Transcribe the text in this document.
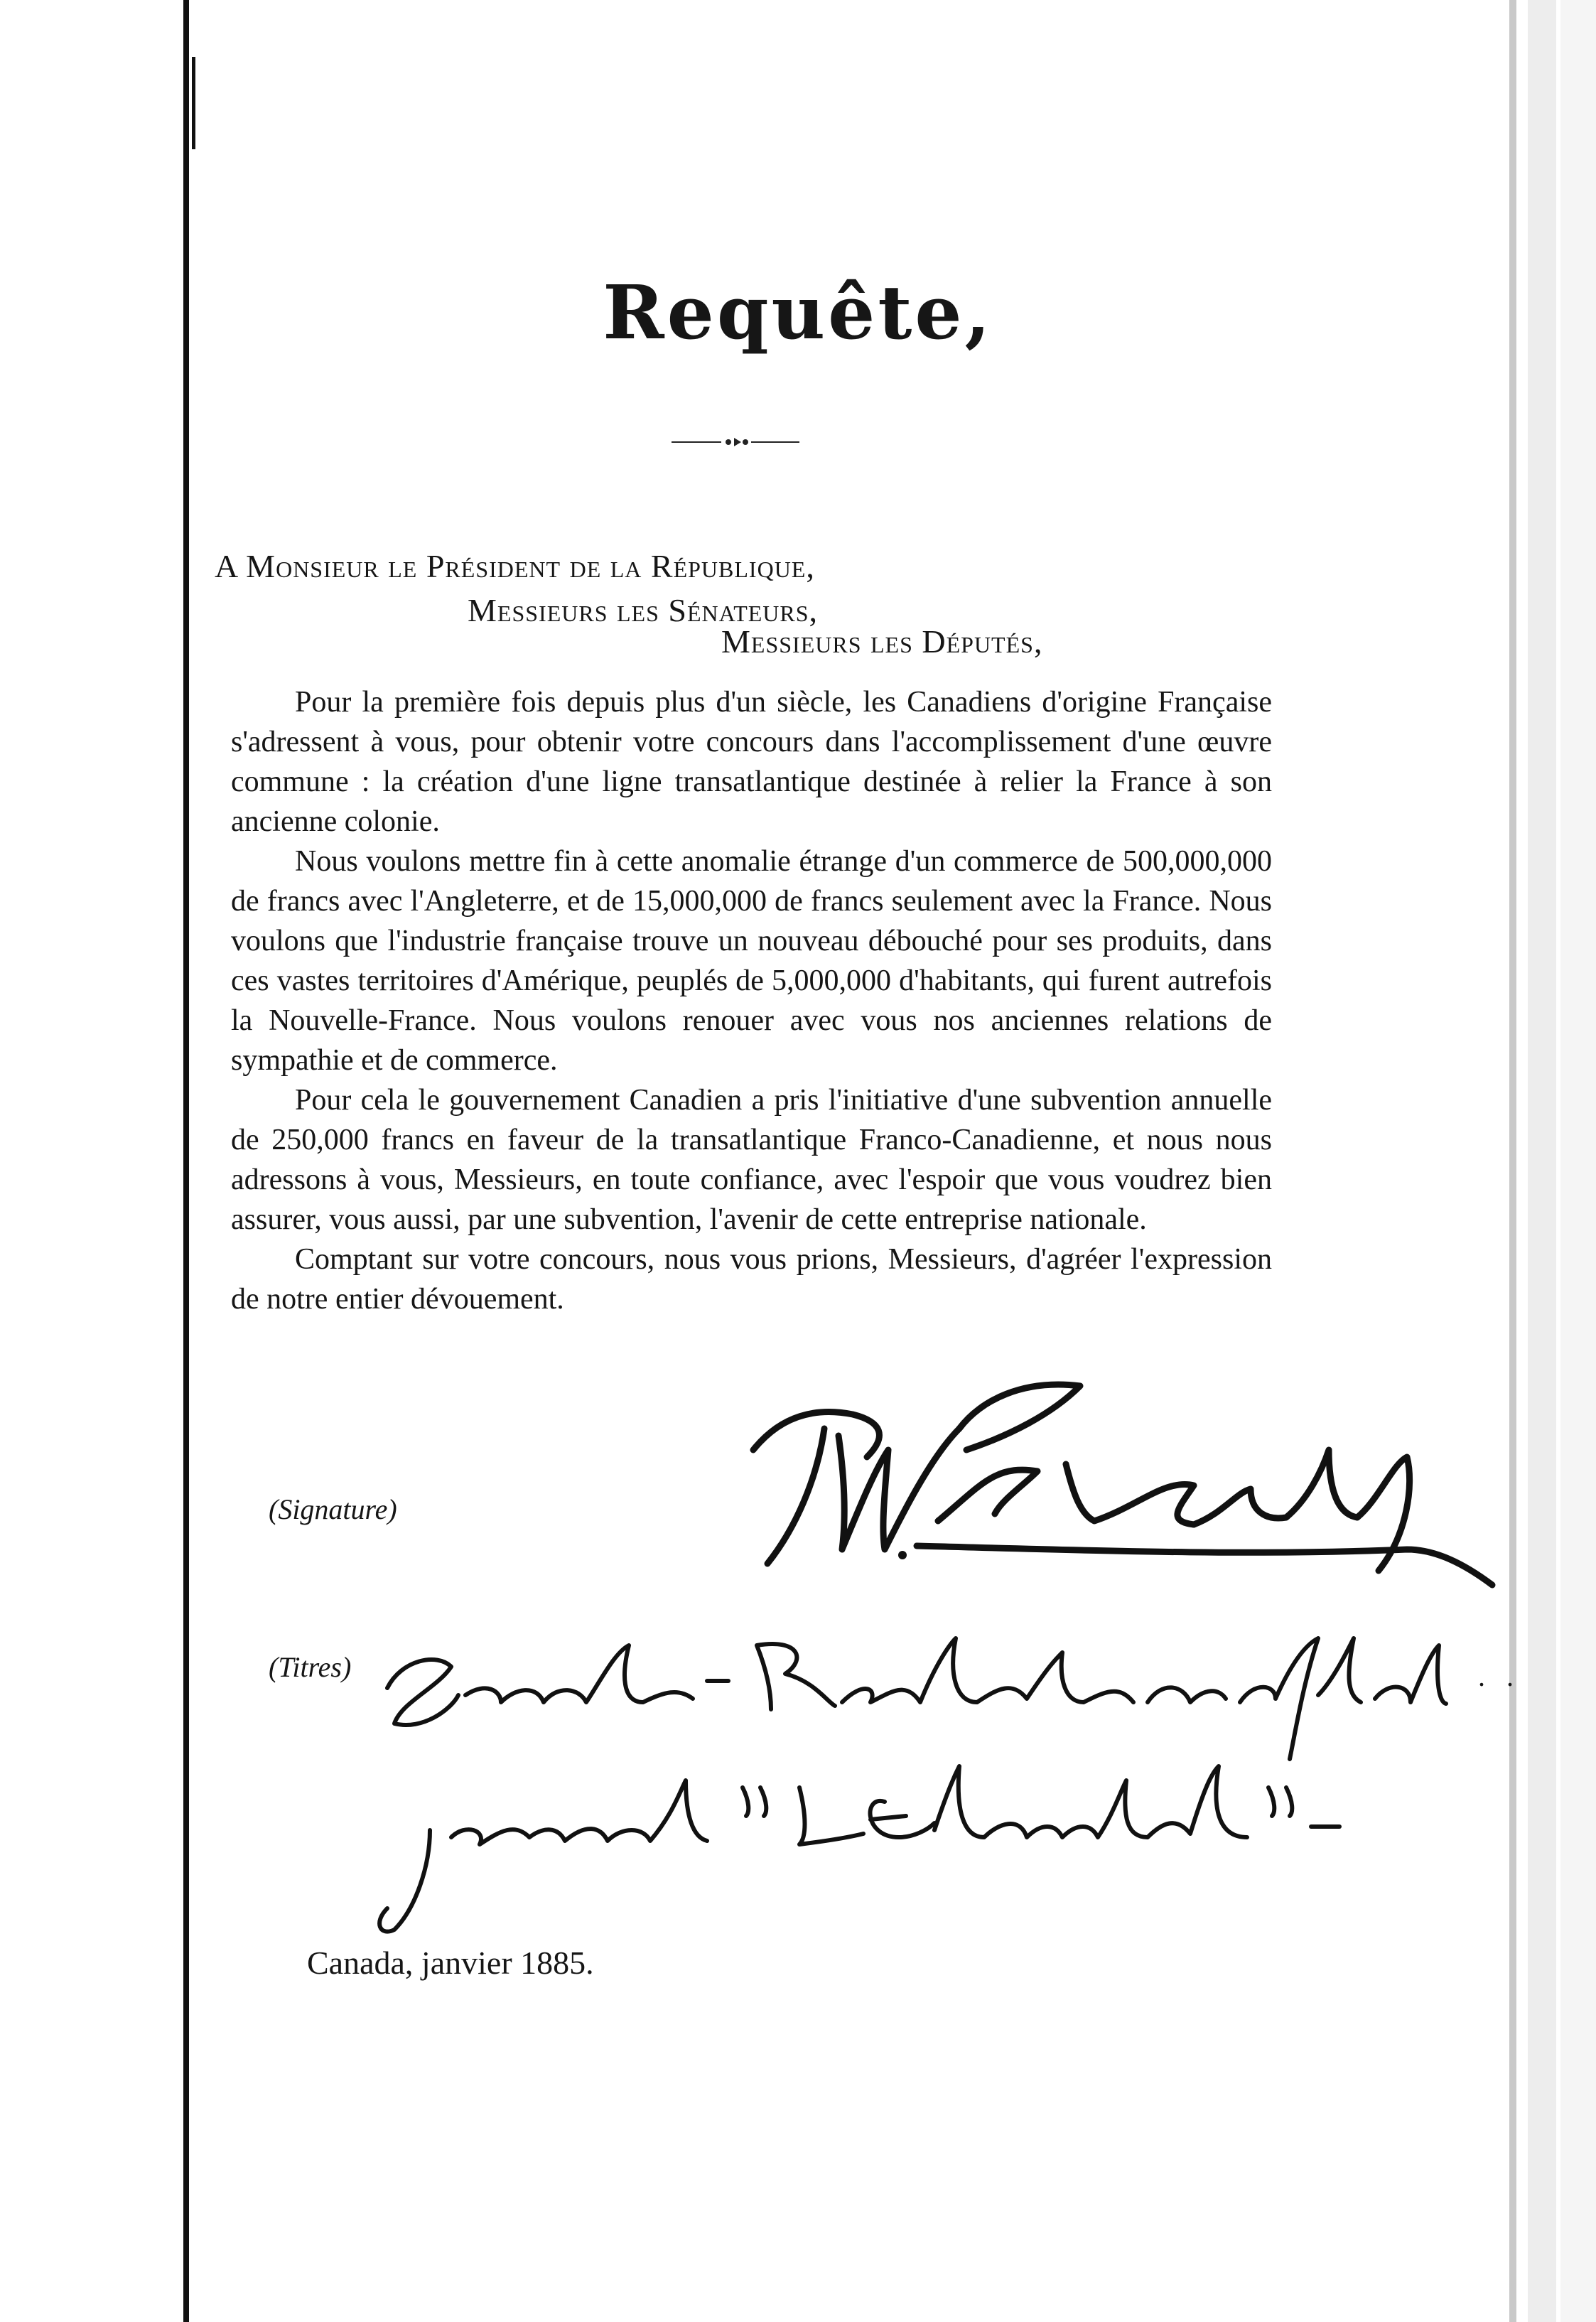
Requête,
A Monsieur le Président de la République,
Messieurs les Sénateurs,
Messieurs les Députés,

Pour la première fois depuis plus d'un siècle, les Canadiens d'origine Française s'adressent à vous, pour obtenir votre concours dans l'accomplissement d'une œuvre commune : la création d'une ligne transatlantique destinée à relier la France à son ancienne colonie.

Nous voulons mettre fin à cette anomalie étrange d'un commerce de 500,000,000 de francs avec l'Angleterre, et de 15,000,000 de francs seulement avec la France. Nous voulons que l'industrie française trouve un nouveau débouché pour ses produits, dans ces vastes territoires d'Amérique, peuplés de 5,000,000 d'habitants, qui furent autrefois la Nouvelle-France. Nous voulons renouer avec vous nos anciennes relations de sympathie et de commerce.

Pour cela le gouvernement Canadien a pris l'initiative d'une subvention annuelle de 250,000 francs en faveur de la transatlantique Franco-Canadienne, et nous nous adressons à vous, Messieurs, en toute confiance, avec l'espoir que vous voudrez bien assurer, vous aussi, par une subvention, l'avenir de cette entreprise nationale.

Comptant sur votre concours, nous vous prions, Messieurs, d'agréer l'expression de notre entier dévouement.

(Signature)
(Titres)	. .
Canada, janvier 1885.
